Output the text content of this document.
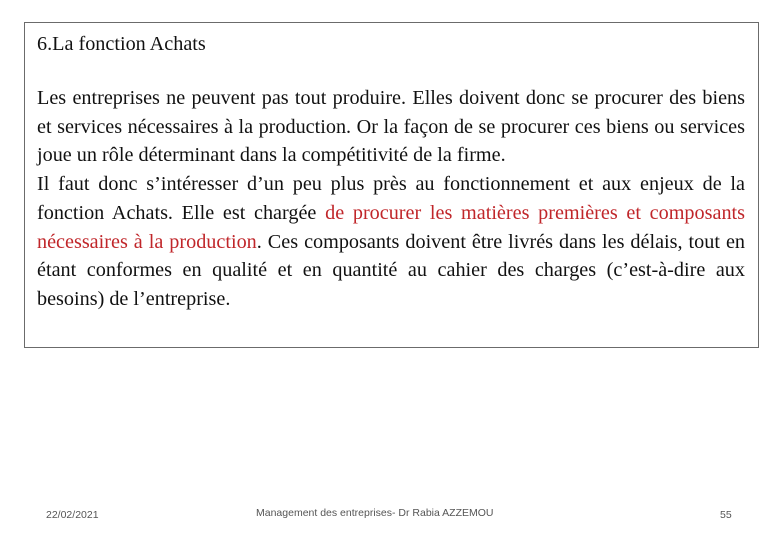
6.La fonction Achats

Les entreprises ne peuvent pas tout produire. Elles doivent donc se procurer des biens et services nécessaires à la production. Or la façon de se procurer ces biens ou services joue un rôle déterminant dans la compétitivité de la firme.

Il faut donc s’intéresser d’un peu plus près au fonctionnement et aux enjeux de la fonction Achats. Elle est chargée de procurer les matières premières et composants nécessaires à la production. Ces composants doivent être livrés dans les délais, tout en étant conformes en qualité et en quantité au cahier des charges (c’est-à-dire aux besoins) de l’entreprise.

22/02/2021	Management des entreprises- Dr Rabia AZZEMOU	55
